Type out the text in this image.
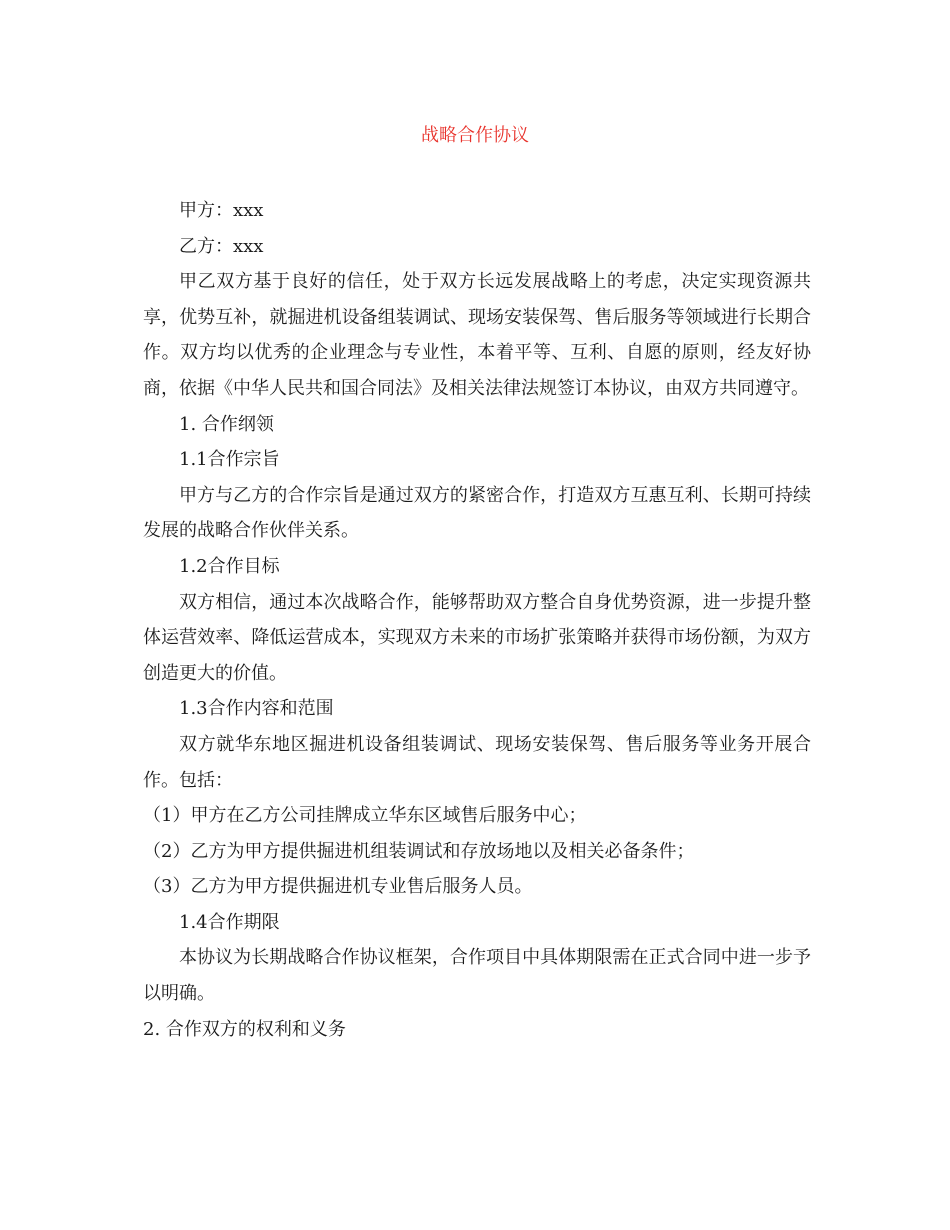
战略合作协议

甲方：xxx

乙方：xxx

甲乙双方基于良好的信任，处于双方长远发展战略上的考虑，决定实现资源共享，优势互补，就掘进机设备组装调试、现场安装保驾、售后服务等领域进行长期合作。双方均以优秀的企业理念与专业性，本着平等、互利、自愿的原则，经友好协商，依据《中华人民共和国合同法》及相关法律法规签订本协议，由双方共同遵守。

1. 合作纲领

1.1合作宗旨

甲方与乙方的合作宗旨是通过双方的紧密合作，打造双方互惠互利、长期可持续发展的战略合作伙伴关系。

1.2合作目标

双方相信，通过本次战略合作，能够帮助双方整合自身优势资源，进一步提升整体运营效率、降低运营成本，实现双方未来的市场扩张策略并获得市场份额，为双方创造更大的价值。

1.3合作内容和范围

双方就华东地区掘进机设备组装调试、现场安装保驾、售后服务等业务开展合作。包括：

（1）甲方在乙方公司挂牌成立华东区域售后服务中心；

（2）乙方为甲方提供掘进机组装调试和存放场地以及相关必备条件；

（3）乙方为甲方提供掘进机专业售后服务人员。

1.4合作期限

本协议为长期战略合作协议框架，合作项目中具体期限需在正式合同中进一步予以明确。

2. 合作双方的权利和义务
